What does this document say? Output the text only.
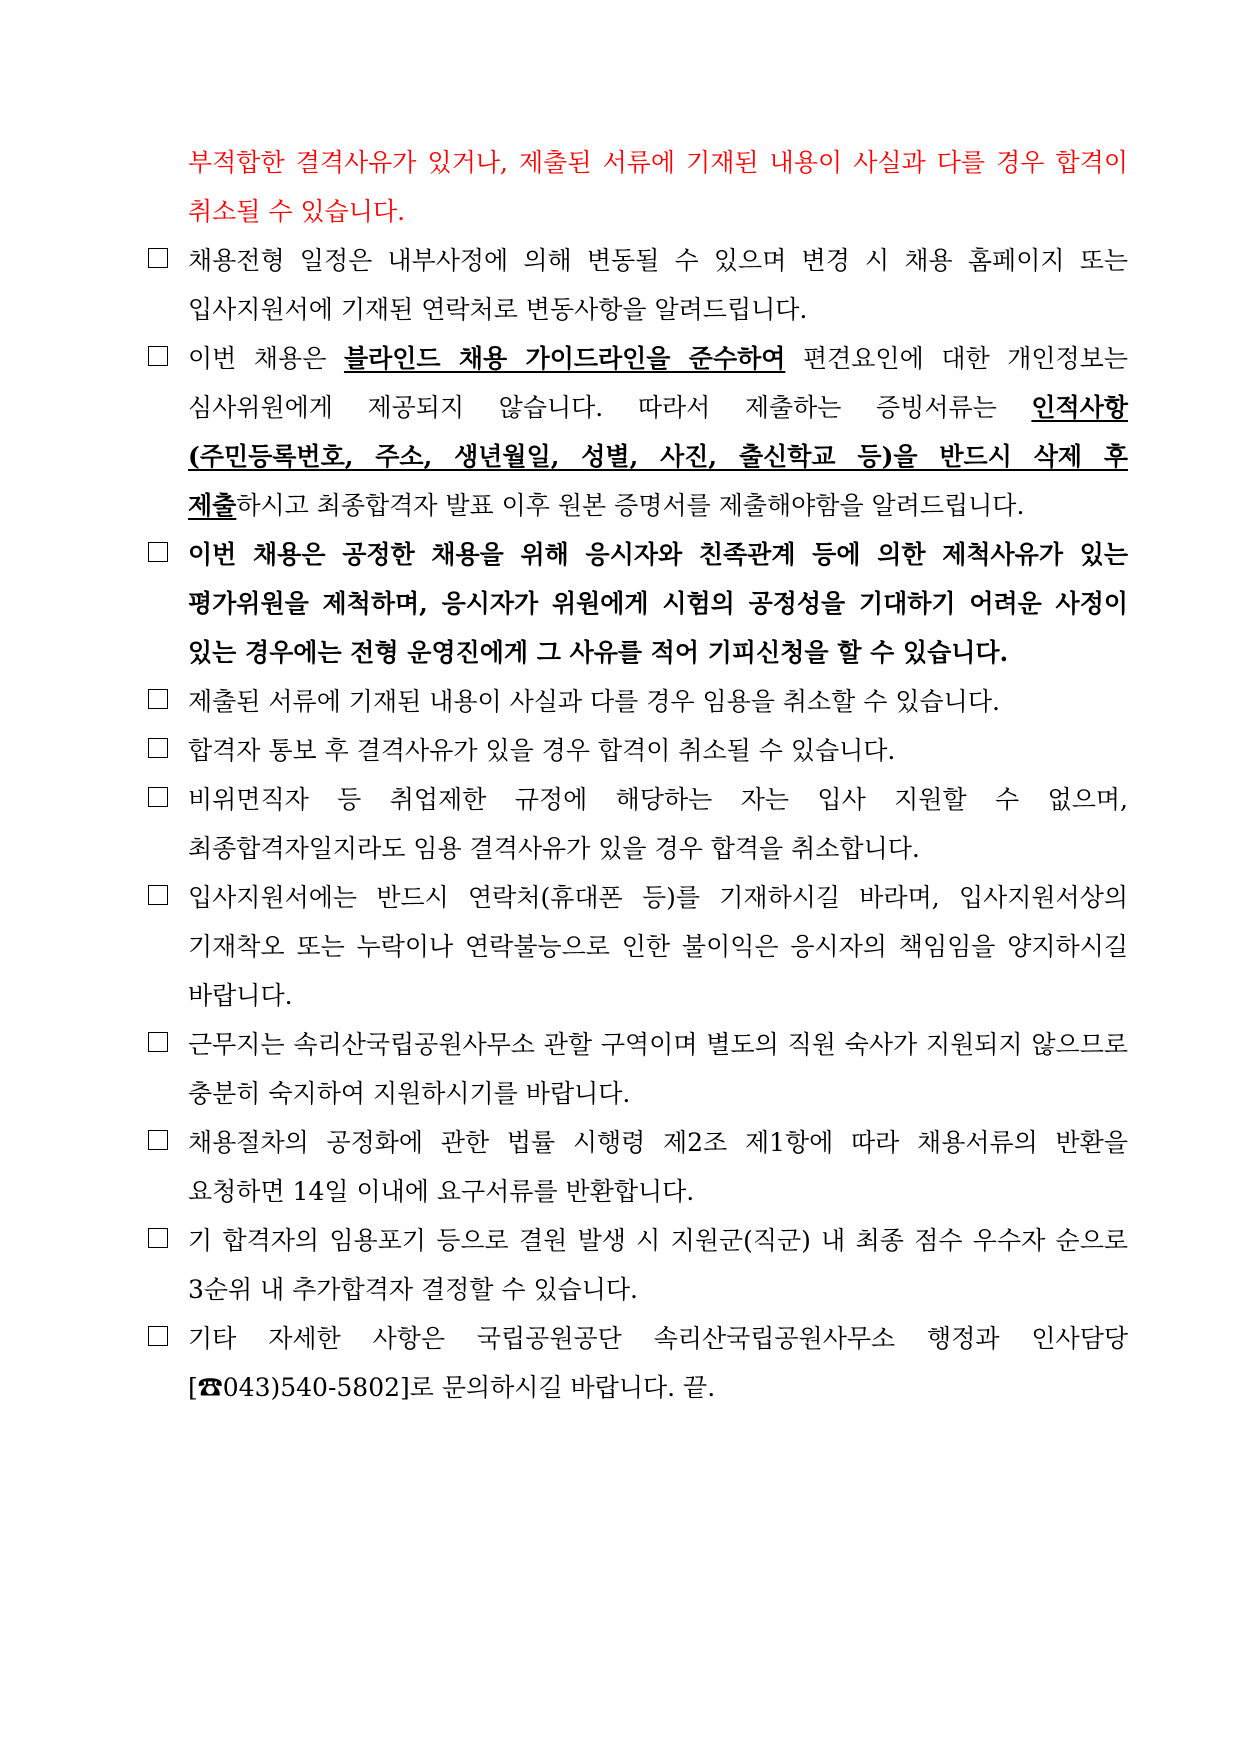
부적합한 결격사유가 있거나, 제출된 서류에 기재된 내용이 사실과 다를 경우 합격이 취소될 수 있습니다.

채용전형 일정은 내부사정에 의해 변동될 수 있으며 변경 시 채용 홈페이지 또는 입사지원서에 기재된 연락처로 변동사항을 알려드립니다.

이번 채용은 블라인드 채용 가이드라인을 준수하여 편견요인에 대한 개인정보는 심사위원에게 제공되지 않습니다. 따라서 제출하는 증빙서류는 인적사항(주민등록번호, 주소, 생년월일, 성별, 사진, 출신학교 등)을 반드시 삭제 후 제출하시고 최종합격자 발표 이후 원본 증명서를 제출해야함을 알려드립니다.

이번 채용은 공정한 채용을 위해 응시자와 친족관계 등에 의한 제척사유가 있는 평가위원을 제척하며, 응시자가 위원에게 시험의 공정성을 기대하기 어려운 사정이 있는 경우에는 전형 운영진에게 그 사유를 적어 기피신청을 할 수 있습니다.

제출된 서류에 기재된 내용이 사실과 다를 경우 임용을 취소할 수 있습니다.

합격자 통보 후 결격사유가 있을 경우 합격이 취소될 수 있습니다.

비위면직자 등 취업제한 규정에 해당하는 자는 입사 지원할 수 없으며, 최종합격자일지라도 임용 결격사유가 있을 경우 합격을 취소합니다.

입사지원서에는 반드시 연락처(휴대폰 등)를 기재하시길 바라며, 입사지원서상의 기재착오 또는 누락이나 연락불능으로 인한 불이익은 응시자의 책임임을 양지하시길 바랍니다.

근무지는 속리산국립공원사무소 관할 구역이며 별도의 직원 숙사가 지원되지 않으므로 충분히 숙지하여 지원하시기를 바랍니다.

채용절차의 공정화에 관한 법률 시행령 제2조 제1항에 따라 채용서류의 반환을 요청하면 14일 이내에 요구서류를 반환합니다.

기 합격자의 임용포기 등으로 결원 발생 시 지원군(직군) 내 최종 점수 우수자 순으로 3순위 내 추가합격자 결정할 수 있습니다.

기타 자세한 사항은 국립공원공단 속리산국립공원사무소 행정과 인사담당 [☎043)540-5802]로 문의하시길 바랍니다. 끝.
